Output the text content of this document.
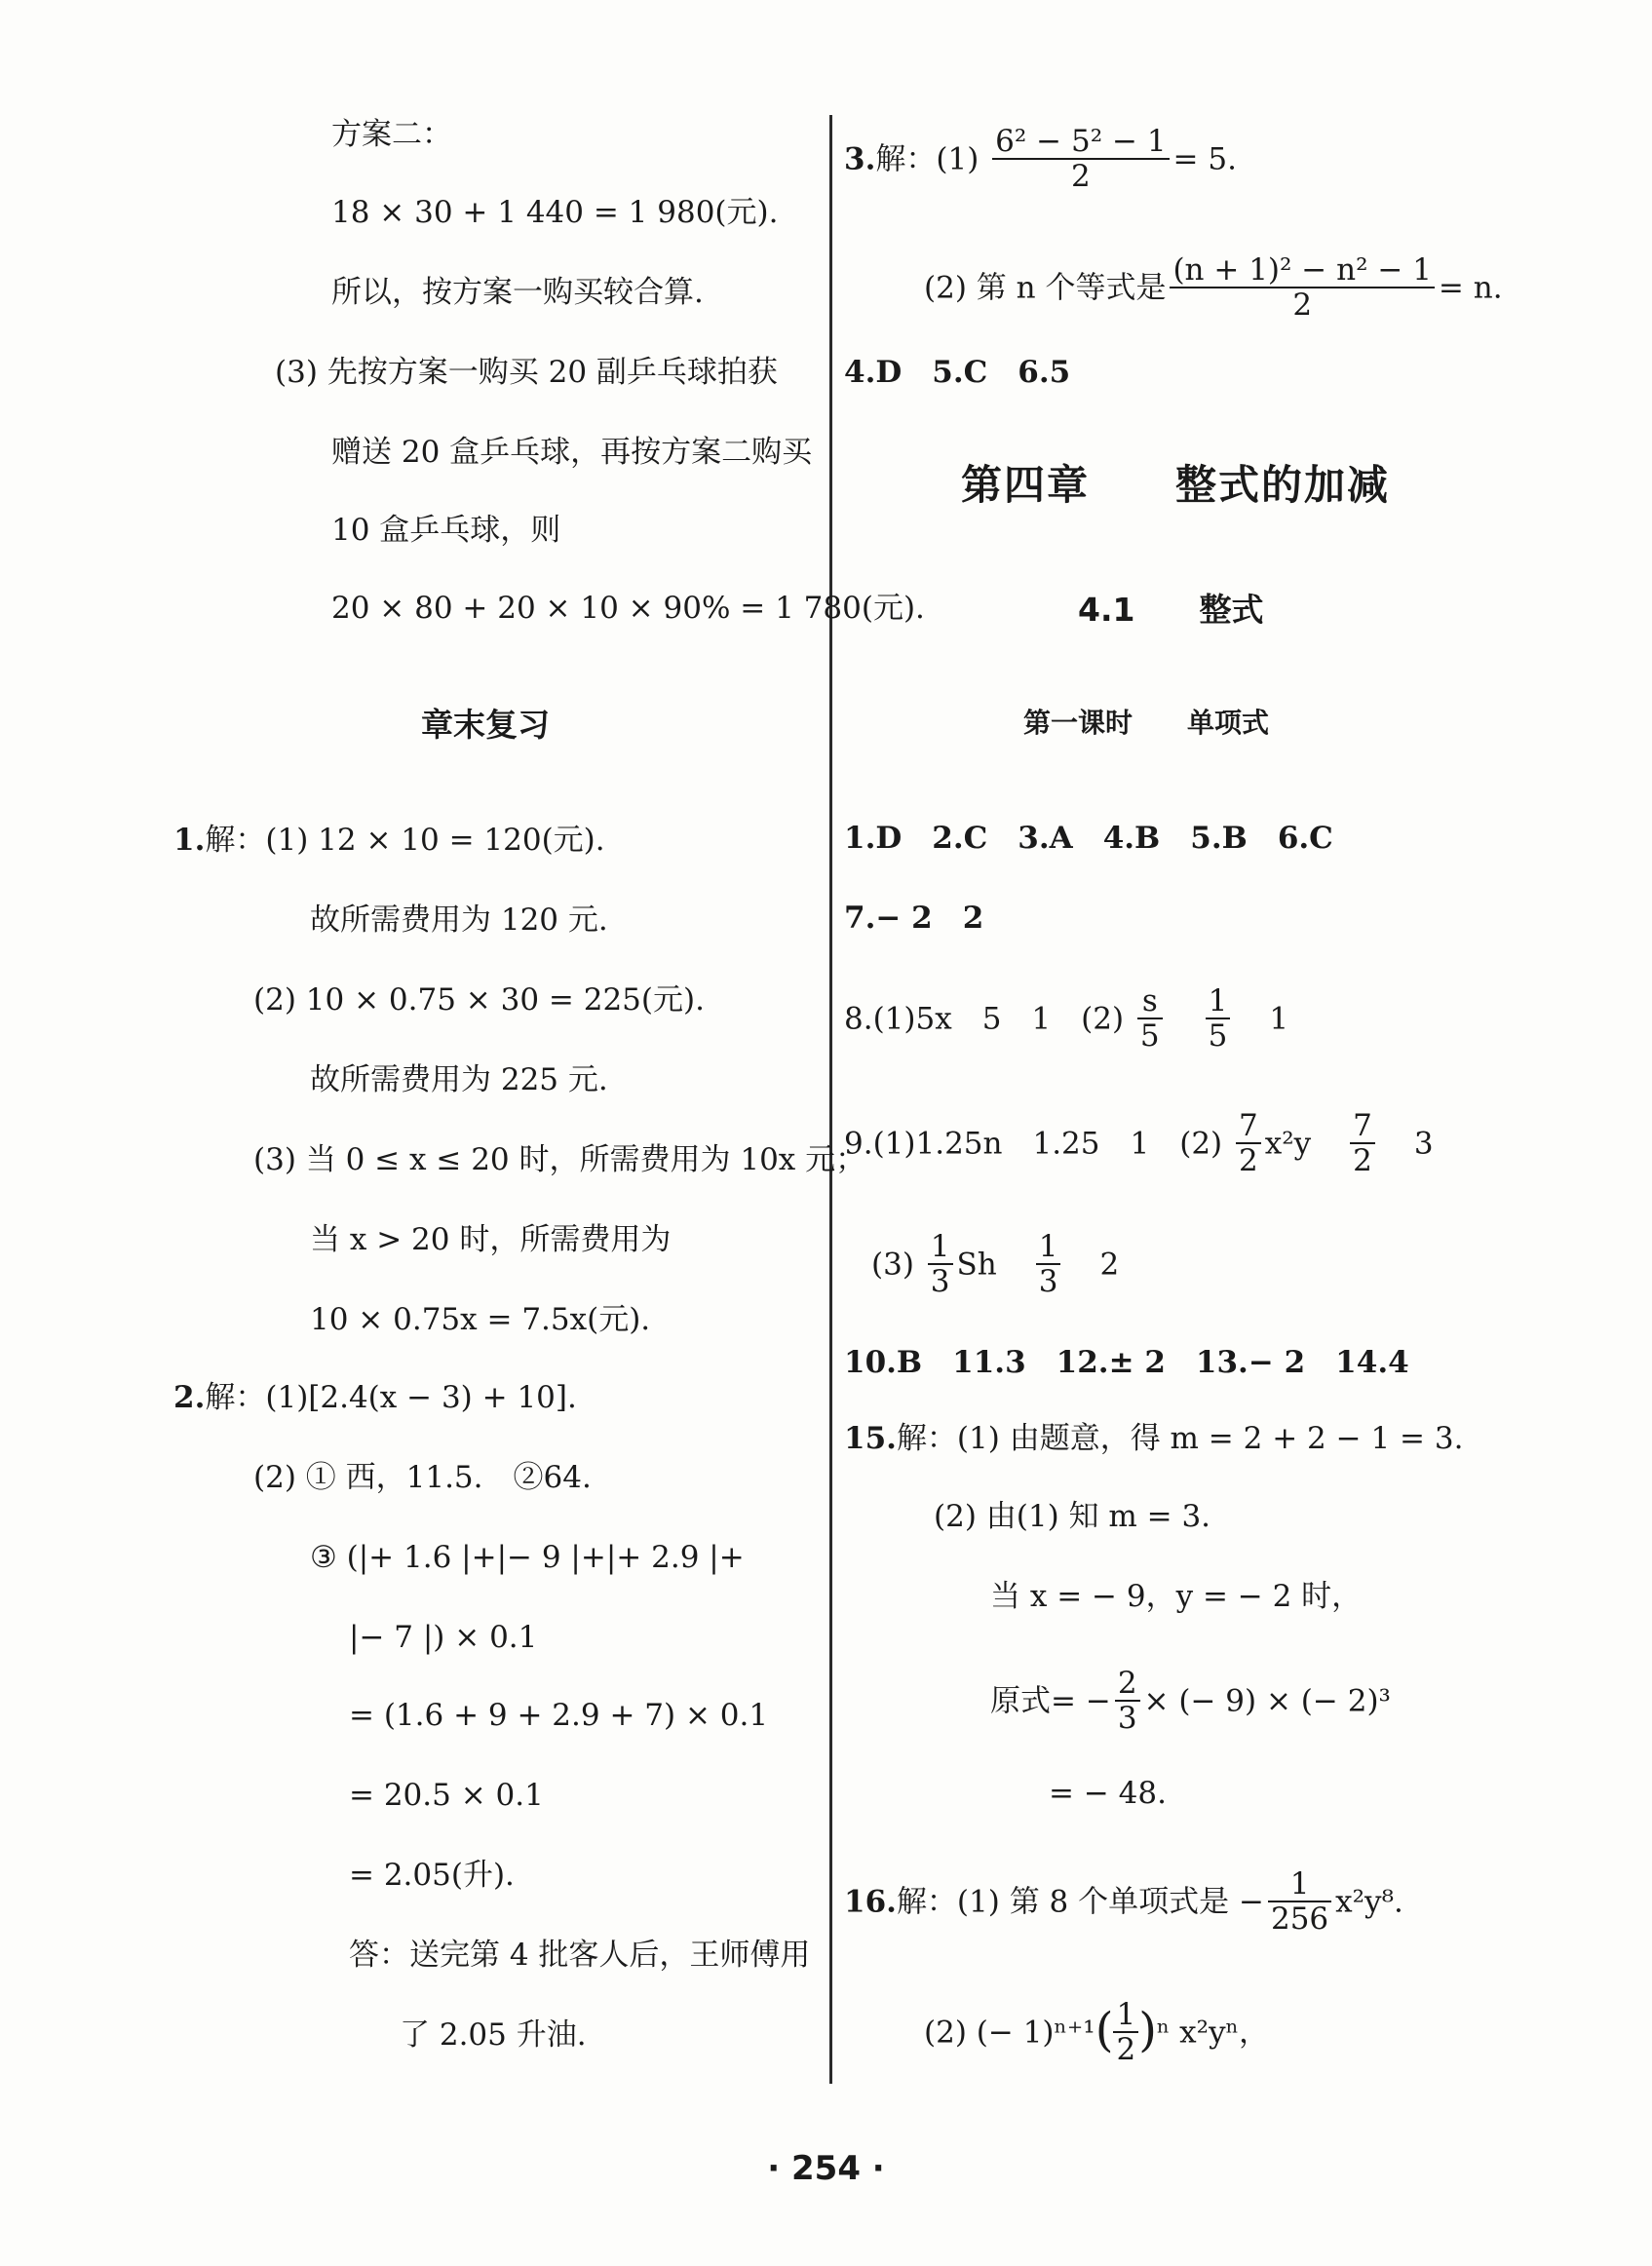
方案二：
18 × 30 + 1 440 = 1 980(元).
所以，按方案一购买较合算.
(3) 先按方案一购买 20 副乒乓球拍获
赠送 20 盒乒乓球，再按方案二购买
10 盒乒乓球，则
20 × 80 + 20 × 10 × 90% = 1 780(元).
章末复习
1.解：(1) 12 × 10 = 120(元).
故所需费用为 120 元.
(2) 10 × 0.75 × 30 = 225(元).
故所需费用为 225 元.
(3) 当 0 ≤ x ≤ 20 时，所需费用为 10x 元；
当 x > 20 时，所需费用为
10 × 0.75x = 7.5x(元).
2.解：(1)[2.4(x − 3) + 10].
(2) ① 西，11.5.　②64.
③ (|+ 1.6 |+|− 9 |+|+ 2.9 |+
|− 7 |) × 0.1
= (1.6 + 9 + 2.9 + 7) × 0.1
= 20.5 × 0.1
= 2.05(升).
答：送完第 4 批客人后，王师傅用
了 2.05 升油.
3.解：$(1) \frac{\text{6² − 5² − 1}}{2} = 5$.
(2) 第 n 个等式是 $\frac{\text{(n + 1)² − n² − 1}}{2} = n$.
4.D　5.C　6.5
第四章　　整式的加减
4.1　　整式
第一课时　　单项式
1.D　2.C　3.A　4.B　5.B　6.C
7.− 2　2
8.(1)5x　5　1　$(2) \frac{s}{5} \frac{1}{5} 1$
9.(1)1.25n　1.25　1　$(2) \frac{7}{2} x^2y \frac{7}{2} 3$
$(3) \frac{1}{3}$ Sh $\frac{1}{3} 2$
10.B　11.3　12.± 2　13.− 2　14.4
15.解：(1) 由题意，得 m = 2 + 2 − 1 = 3.
(2) 由(1) 知 m = 3.
当 x = − 9，y = − 2 时，
原式= − $\frac{2}{3}$ × (− 9) × (− 2)³
= − 48.
16.解：(1) 第 8 个单项式是 − $\frac{1}{256} x^2y^8$.
(2) (− $1)^{n+1}( \frac{1}{2} )^n$ x²yⁿ，
· 254 ·
